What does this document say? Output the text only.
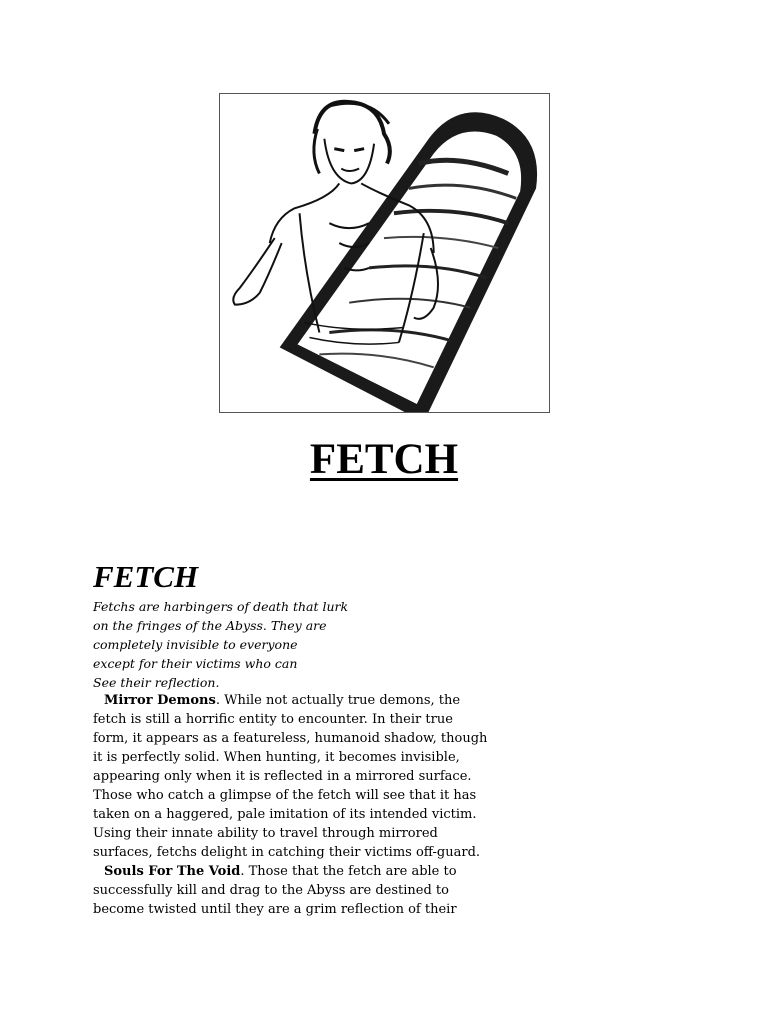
FETCH
FETCH
Fetchs are harbingers of death that lurk
on the fringes of the Abyss. They are
completely invisible to everyone
except for their victims who can
See their reflection.
Mirror Demons. While not actually true demons, the
fetch is still a horrific entity to encounter. In their true
form, it appears as a featureless, humanoid shadow, though
it is perfectly solid. When hunting, it becomes invisible,
appearing only when it is reflected in a mirrored surface.
Those who catch a glimpse of the fetch will see that it has
taken on a haggered, pale imitation of its intended victim.
Using their innate ability to travel through mirrored
surfaces, fetchs delight in catching their victims off-guard.
Souls For The Void. Those that the fetch are able to
successfully kill and drag to the Abyss are destined to
become twisted until they are a grim reflection of their
